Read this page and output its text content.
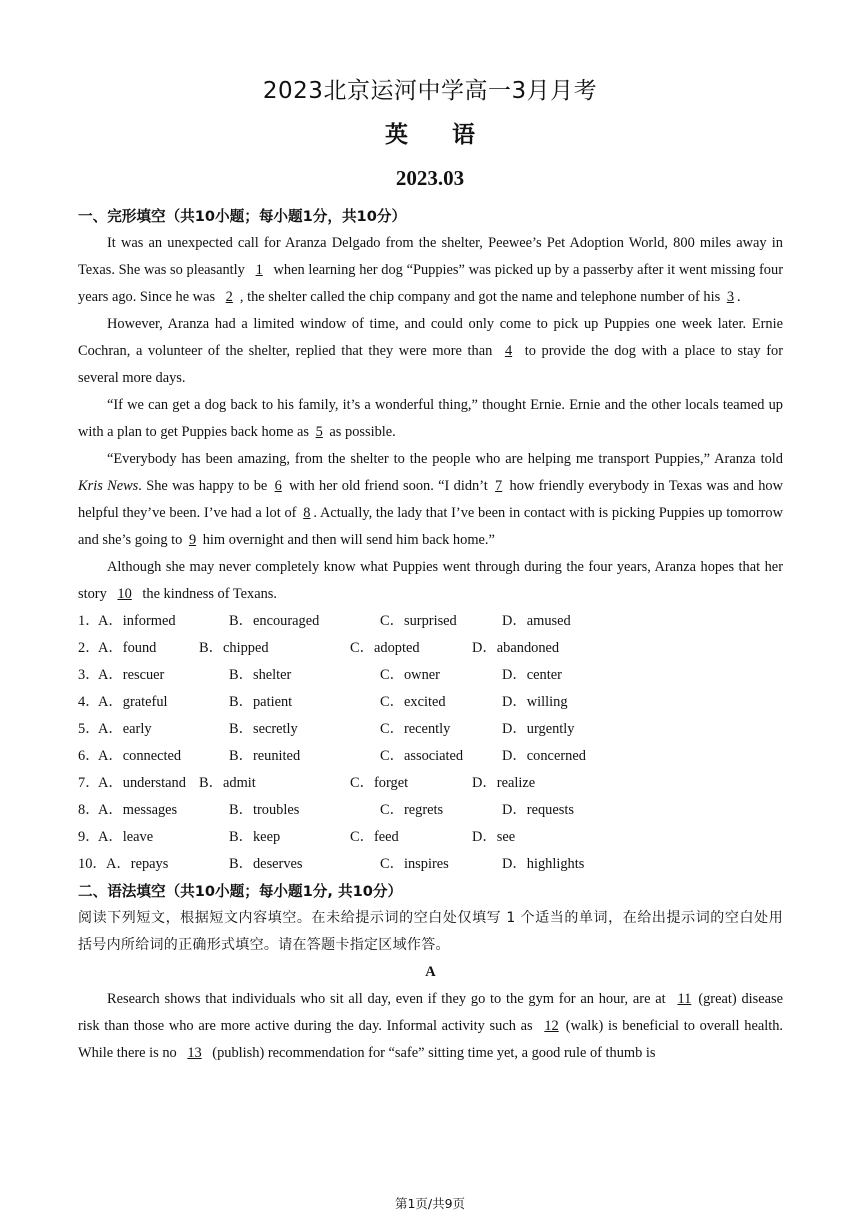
2023北京运河中学高一3月月考
英 语
2023.03
一、完形填空（共10小题；每小题1分，共10分）

It was an unexpected call for Aranza Delgado from the shelter, Peewee’s Pet Adoption World, 800 miles away in Texas. She was so pleasantly 1 when learning her dog “Puppies” was picked up by a passerby after it went missing four years ago. Since he was 2 , the shelter called the chip company and got the name and telephone number of his 3 .

However, Aranza had a limited window of time, and could only come to pick up Puppies one week later. Ernie Cochran, a volunteer of the shelter, replied that they were more than 4 to provide the dog with a place to stay for several more days.

“If we can get a dog back to his family, it’s a wonderful thing,” thought Ernie. Ernie and the other locals teamed up with a plan to get Puppies back home as 5 as possible.

“Everybody has been amazing, from the shelter to the people who are helping me transport Puppies,” Aranza told Kris News. She was happy to be 6 with her old friend soon. “I didn’t 7 how friendly everybody in Texas was and how helpful they’ve been. I’ve had a lot of 8 . Actually, the lady that I’ve been in contact with is picking Puppies up tomorrow and she’s going to 9 him overnight and then will send him back home.”

Although she may never completely know what Puppies went through during the four years, Aranza hopes that her story 10 the kindness of Texans.

1．
A．informed	B．encouraged	C．surprised	D．amused
2．
A．found	B．chipped	C．adopted	D．abandoned
3．
A．rescuer	B．shelter	C．owner	D．center
4．
A．grateful	B．patient	C．excited	D．willing
5．
A．early	B．secretly	C．recently	D．urgently
6．
A．connected	B．reunited	C．associated	D．concerned
7．
A．understand B．admit	C．forget	D．realize
8．
A．messages	B．troubles	C．regrets	D．requests
9．
A．leave	B．keep	C．feed	D．see
10． A．repays	B．deserves	C．inspires	D．highlights
二、语法填空（共10小题；每小题1分, 共10分）

阅读下列短文，根据短文内容填空。在未给提示词的空白处仅填写 1 个适当的单词，在给出提示词的空白处用括号内所给词的正确形式填空。请在答题卡指定区域作答。

A

Research shows that individuals who sit all day, even if they go to the gym for an hour, are at 11 (great) disease risk than those who are more active during the day. Informal activity such as 12 (walk) is beneficial to overall health. While there is no 13 (publish) recommendation for “safe” sitting time yet, a good rule of thumb is

第1页/共9页
